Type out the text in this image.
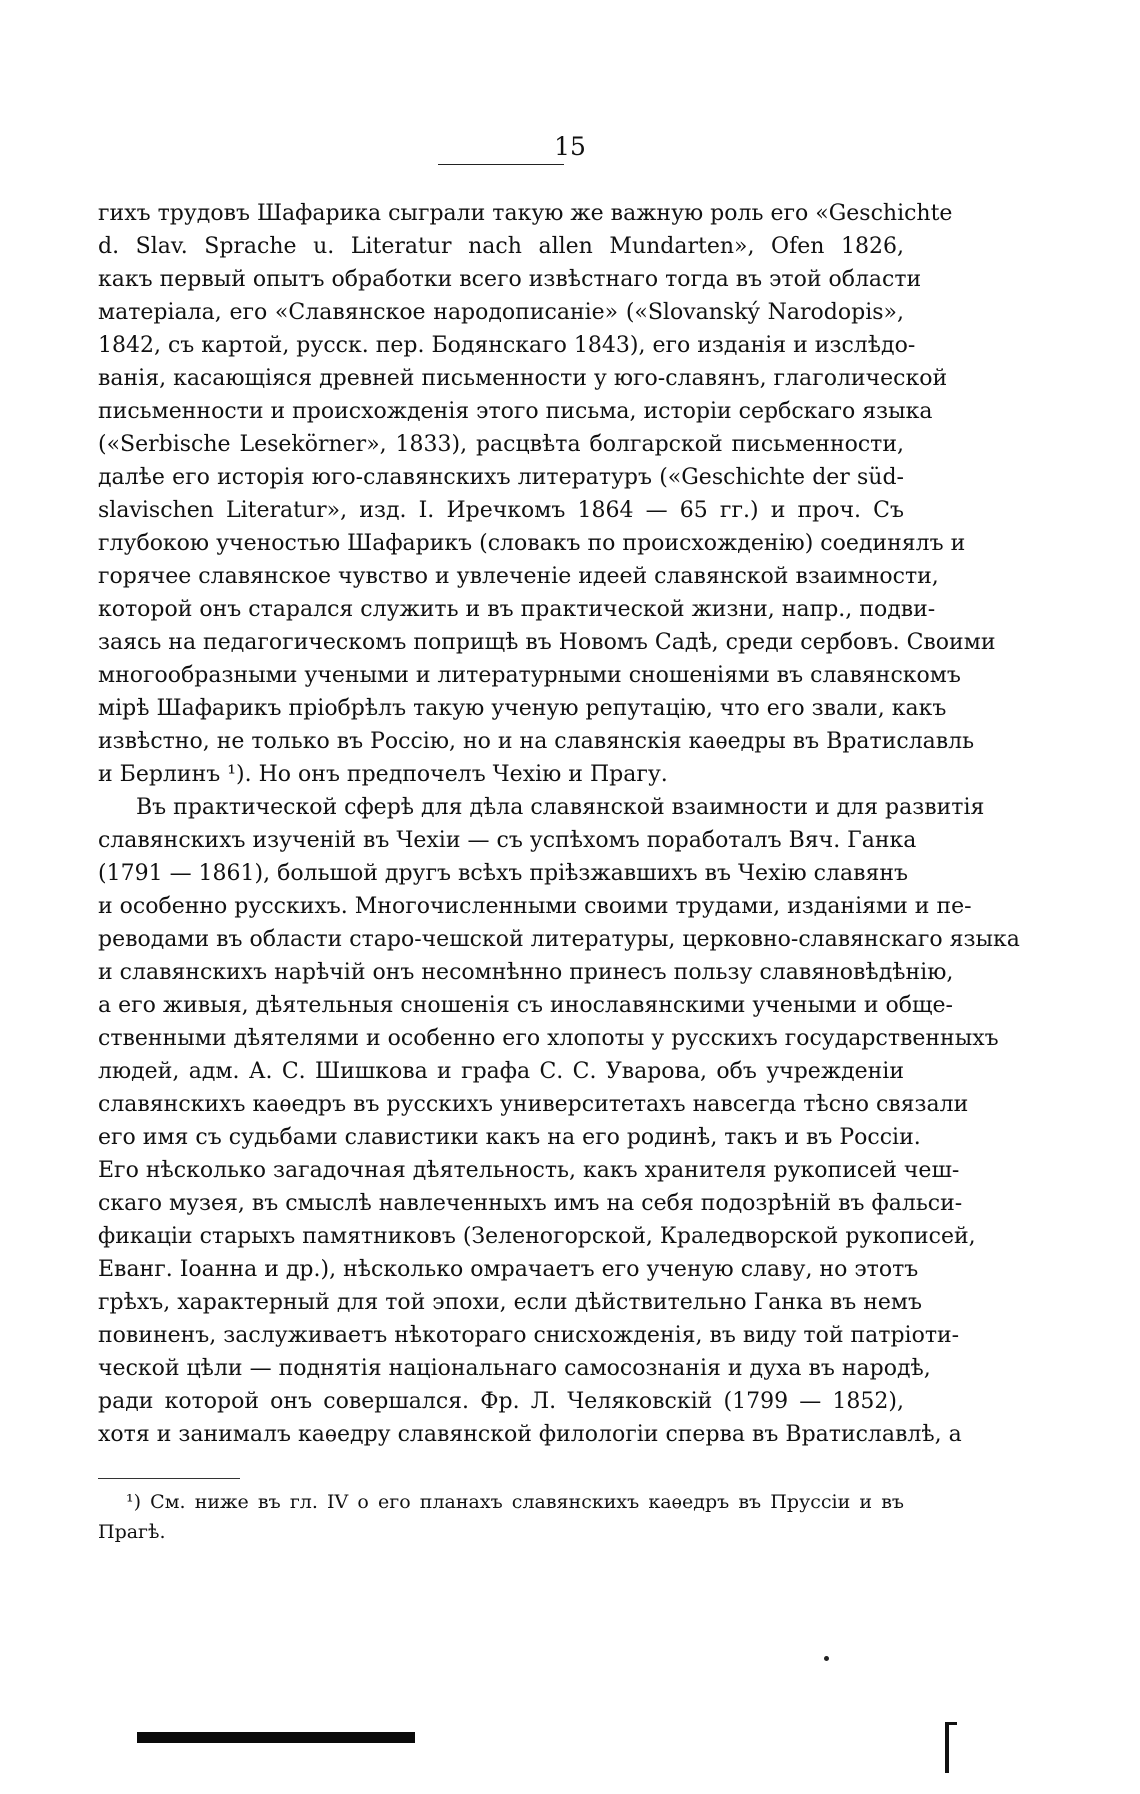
15
гихъ трудовъ Шафарика сыграли такую же важную роль его «Geschichte
d. Slav. Sprache u. Literatur nach allen Mundarten», Ofen 1826,
какъ первый опытъ обработки всего извѣстнаго тогда въ этой области
матеріала, его «Славянское народописаніе» («Slovanský Narodopis»,
1842, съ картой, русск. пер. Бодянскаго 1843), его изданія и изслѣдо-
ванія, касающіяся древней письменности у юго-славянъ, глаголической
письменности и происхожденія этого письма, исторіи сербскаго языка
(«Serbische Lesekörner», 1833), расцвѣта болгарской письменности,
далѣе его исторія юго-славянскихъ литературъ («Geschichte der süd-
slavischen Literatur», изд. І. Иречкомъ 1864 — 65 гг.) и проч. Съ
глубокою ученостью Шафарикъ (словакъ по происхожденію) соединялъ и
горячее славянское чувство и увлеченіе идеей славянской взаимности,
которой онъ старался служить и въ практической жизни, напр., подви-
заясь на педагогическомъ поприщѣ въ Новомъ Садѣ, среди сербовъ. Своими
многообразными учеными и литературными сношеніями въ славянскомъ
мірѣ Шафарикъ пріобрѣлъ такую ученую репутацію, что его звали, какъ
извѣстно, не только въ Россію, но и на славянскія каѳедры въ Вратиславль
и Берлинъ ¹). Но онъ предпочелъ Чехію и Прагу.
Въ практической сферѣ для дѣла славянской взаимности и для развитія
славянскихъ изученій въ Чехіи — съ успѣхомъ поработалъ Вяч. Ганка
(1791 — 1861), большой другъ всѣхъ пріѣзжавшихъ въ Чехію славянъ
и особенно русскихъ. Многочисленными своими трудами, изданіями и пе-
реводами въ области старо-чешской литературы, церковно-славянскаго языка
и славянскихъ нарѣчій онъ несомнѣнно принесъ пользу славяновѣдѣнію,
а его живыя, дѣятельныя сношенія съ инославянскими учеными и обще-
ственными дѣятелями и особенно его хлопоты у русскихъ государственныхъ
людей, адм. А. С. Шишкова и графа С. С. Уварова, объ учрежденіи
славянскихъ каѳедръ въ русскихъ университетахъ навсегда тѣсно связали
его имя съ судьбами славистики какъ на его родинѣ, такъ и въ Россіи.
Его нѣсколько загадочная дѣятельность, какъ хранителя рукописей чеш-
скаго музея, въ смыслѣ навлеченныхъ имъ на себя подозрѣній въ фальси-
фикаціи старыхъ памятниковъ (Зеленогорской, Краледворской рукописей,
Еванг. Іоанна и др.), нѣсколько омрачаетъ его ученую славу, но этотъ
грѣхъ, характерный для той эпохи, если дѣйствительно Ганка въ немъ
повиненъ, заслуживаетъ нѣкотораго снисхожденія, въ виду той патріоти-
ческой цѣли — поднятія національнаго самосознанія и духа въ народѣ,
ради которой онъ совершался. Фр. Л. Челяковскій (1799 — 1852),
хотя и занималъ каѳедру славянской филологіи сперва въ Вратиславлѣ, а
¹) См. ниже въ гл. IV о его планахъ славянскихъ каѳедръ въ Пруссіи и въ
Прагѣ.
